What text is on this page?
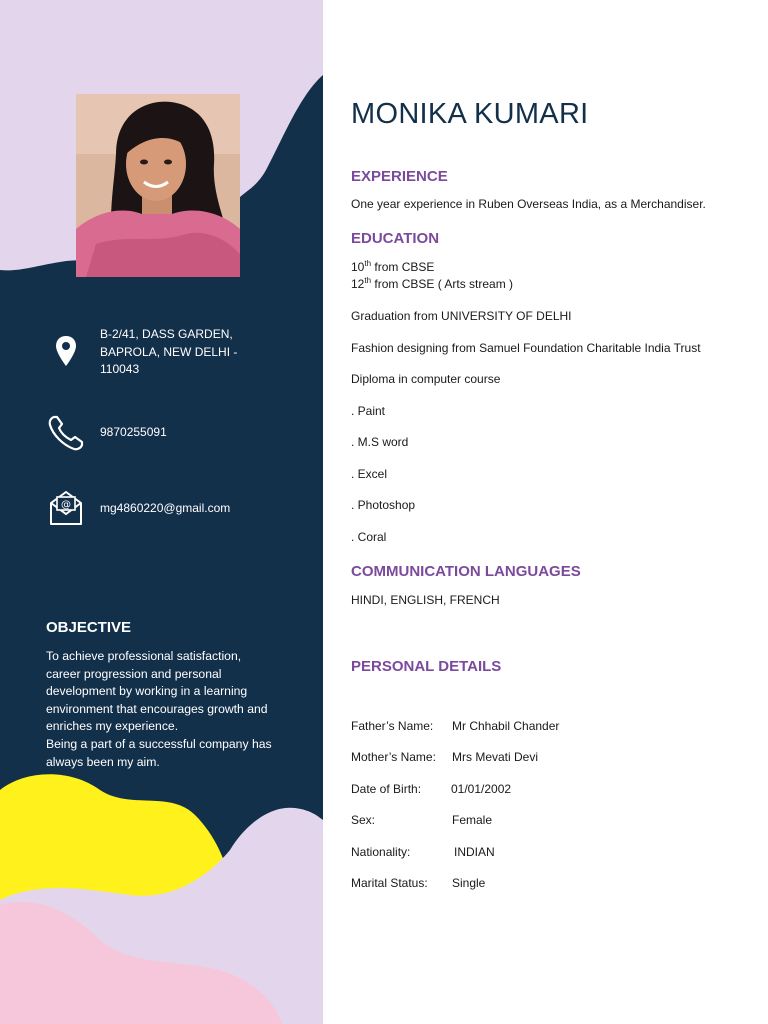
B-2/41, DASS GARDEN, BAPROLA, NEW DELHI - 110043
9870255091
@ mg4860220@gmail.com
OBJECTIVE
To achieve professional satisfaction, career progression and personal development by working in a learning environment that encourages growth and enriches my experience.
Being a part of a successful company has always been my aim.
MONIKA KUMARI
EXPERIENCE
One year experience in Ruben Overseas India, as a Merchandiser.
EDUCATION
10th from CBSE
12th from CBSE ( Arts stream )
Graduation from UNIVERSITY OF DELHI
Fashion designing from Samuel Foundation Charitable India Trust
Diploma in computer course
. Paint
. M.S word
. Excel
. Photoshop
. Coral
COMMUNICATION LANGUAGES
HINDI, ENGLISH, FRENCH
PERSONAL DETAILS
Father’s Name: Mr Chhabil Chander
Mother’s Name: Mrs Mevati Devi
Date of Birth: 01/01/2002
Sex:	Female
Nationality:	INDIAN
Marital Status: Single
